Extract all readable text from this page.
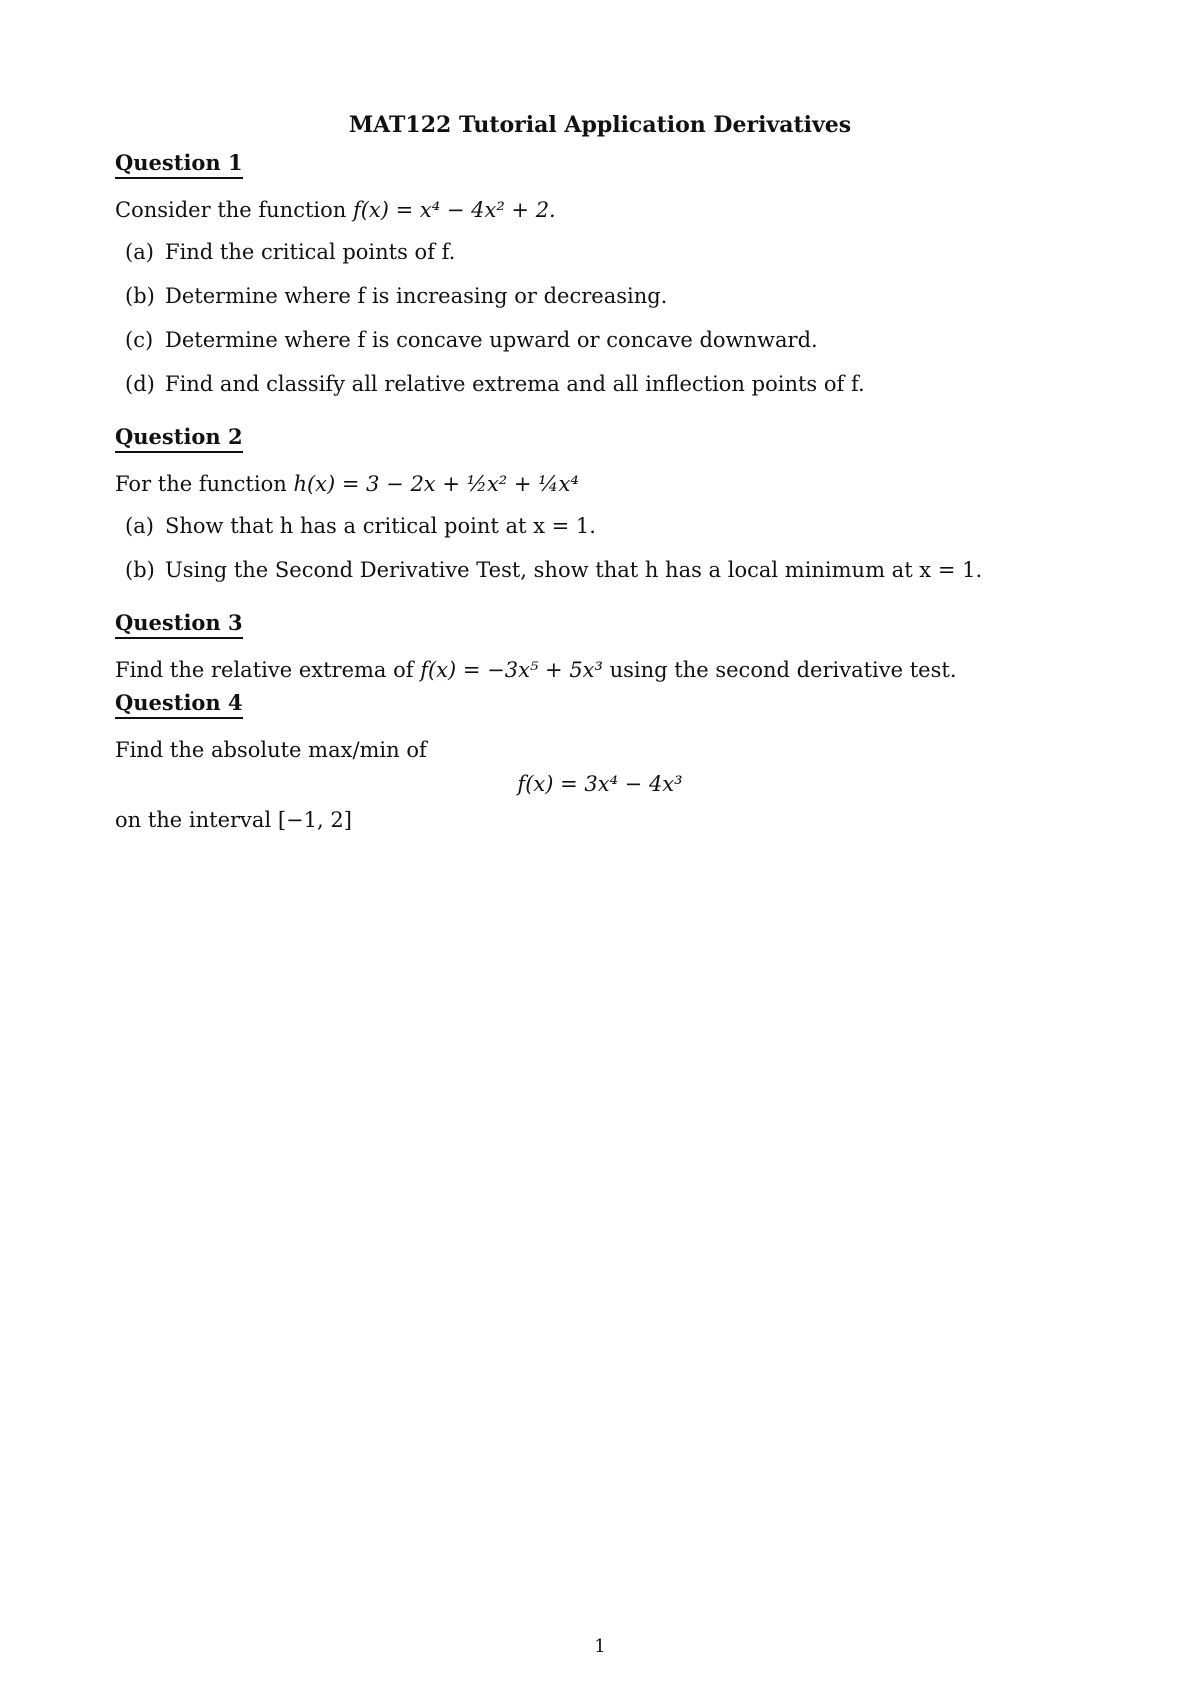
MAT122 Tutorial Application Derivatives
Question 1
Consider the function f(x) = x⁴ − 4x² + 2.
(a) Find the critical points of f.
(b) Determine where f is increasing or decreasing.
(c) Determine where f is concave upward or concave downward.
(d) Find and classify all relative extrema and all inflection points of f.
Question 2
For the function h(x) = 3 − 2x + ½x² + ¼x⁴
(a) Show that h has a critical point at x = 1.
(b) Using the Second Derivative Test, show that h has a local minimum at x = 1.
Question 3
Find the relative extrema of f(x) = −3x⁵ + 5x³ using the second derivative test.
Question 4
Find the absolute max/min of
f(x) = 3x⁴ − 4x³
on the interval [−1, 2]
1
